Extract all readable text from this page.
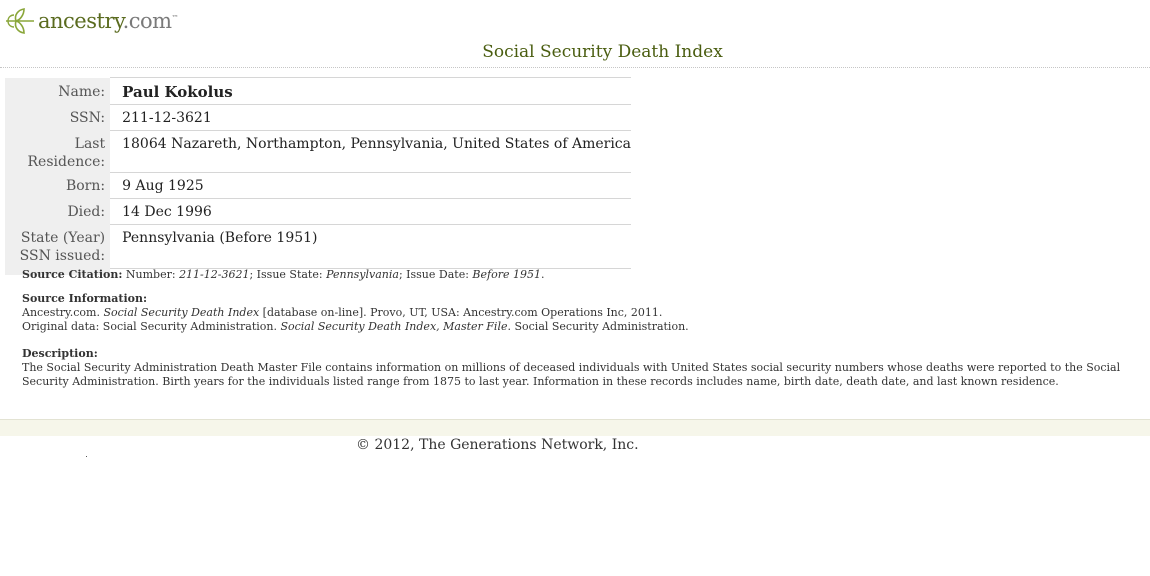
ancestry.com™
Social Security Death Index
Name:	Paul Kokolus
SSN:	211-12-3621
Last Residence:	18064 Nazareth, Northampton, Pennsylvania, United States of America
Born:	9 Aug 1925
Died:	14 Dec 1996
State (Year) SSN issued:	Pennsylvania (Before 1951)

Source Citation: Number: 211-12-3621; Issue State: Pennsylvania; Issue Date: Before 1951.
Source Information:
Ancestry.com. Social Security Death Index [database on-line]. Provo, UT, USA: Ancestry.com Operations Inc, 2011.
Original data: Social Security Administration. Social Security Death Index, Master File. Social Security Administration.
Description:
The Social Security Administration Death Master File contains information on millions of deceased individuals with United States social security numbers whose deaths were reported to the Social Security Administration. Birth years for the individuals listed range from 1875 to last year. Information in these records includes name, birth date, death date, and last known residence.
© 2012, The Generations Network, Inc.
